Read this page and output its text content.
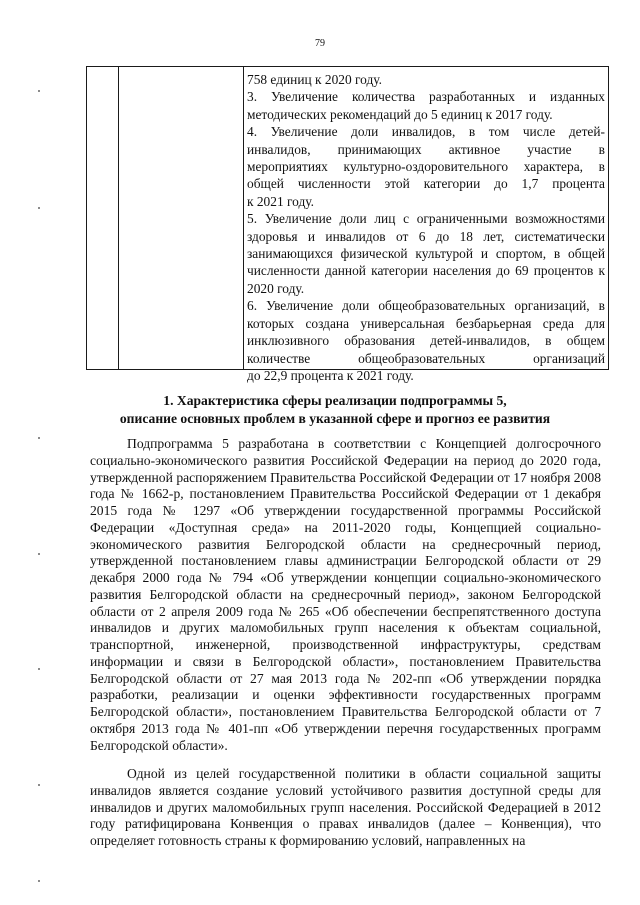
79

758 единиц к 2020 году.

3. Увеличение количества разработанных и изданных

методических рекомендаций до 5 единиц к 2017 году.

4. Увеличение доли инвалидов, в том числе детей-

инвалидов, принимающих активное участие в

мероприятиях культурно-оздоровительного характера, в

общей численности этой категории до 1,7 процента

к 2021 году.

5. Увеличение доли лиц с ограниченными возможностями

здоровья и инвалидов от 6 до 18 лет, систематически

занимающихся физической культурой и спортом, в общей

численности данной категории населения до 69 процентов к

2020 году.

6. Увеличение доли общеобразовательных организаций, в

которых создана универсальная безбарьерная среда для

инклюзивного образования детей-инвалидов, в общем

количестве общеобразовательных организаций

до 22,9 процента к 2021 году.

1. Характеристика сферы реализации подпрограммы 5,
описание основных проблем в указанной сфере и прогноз ее развития

Подпрограмма 5 разработана в соответствии с Концепцией долгосрочного социально-экономического развития Российской Федерации на период до 2020 года, утвержденной распоряжением Правительства Российской Федерации от 17 ноября 2008 года № 1662-р, постановлением Правительства Российской Федерации от 1 декабря 2015 года № 1297 «Об утверждении государственной программы Российской Федерации «Доступная среда» на 2011-2020 годы, Концепцией социально-экономического развития Белгородской области на среднесрочный период, утвержденной постановлением главы администрации Белгородской области от 29 декабря 2000 года № 794 «Об утверждении концепции социально-экономического развития Белгородской области на среднесрочный период», законом Белгородской области от 2 апреля 2009 года № 265 «Об обеспечении беспрепятственного доступа инвалидов и других маломобильных групп населения к объектам социальной, транспортной, инженерной, производственной инфраструктуры, средствам информации и связи в Белгородской области», постановлением Правительства Белгородской области от 27 мая 2013 года № 202-пп «Об утверждении порядка разработки, реализации и оценки эффективности государственных программ Белгородской области», постановлением Правительства Белгородской области от 7 октября 2013 года № 401-пп «Об утверждении перечня государственных программ Белгородской области».

Одной из целей государственной политики в области социальной защиты инвалидов является создание условий устойчивого развития доступной среды для инвалидов и других маломобильных групп населения. Российской Федерацией в 2012 году ратифицирована Конвенция о правах инвалидов (далее – Конвенция), что определяет готовность страны к формированию условий, направленных на
